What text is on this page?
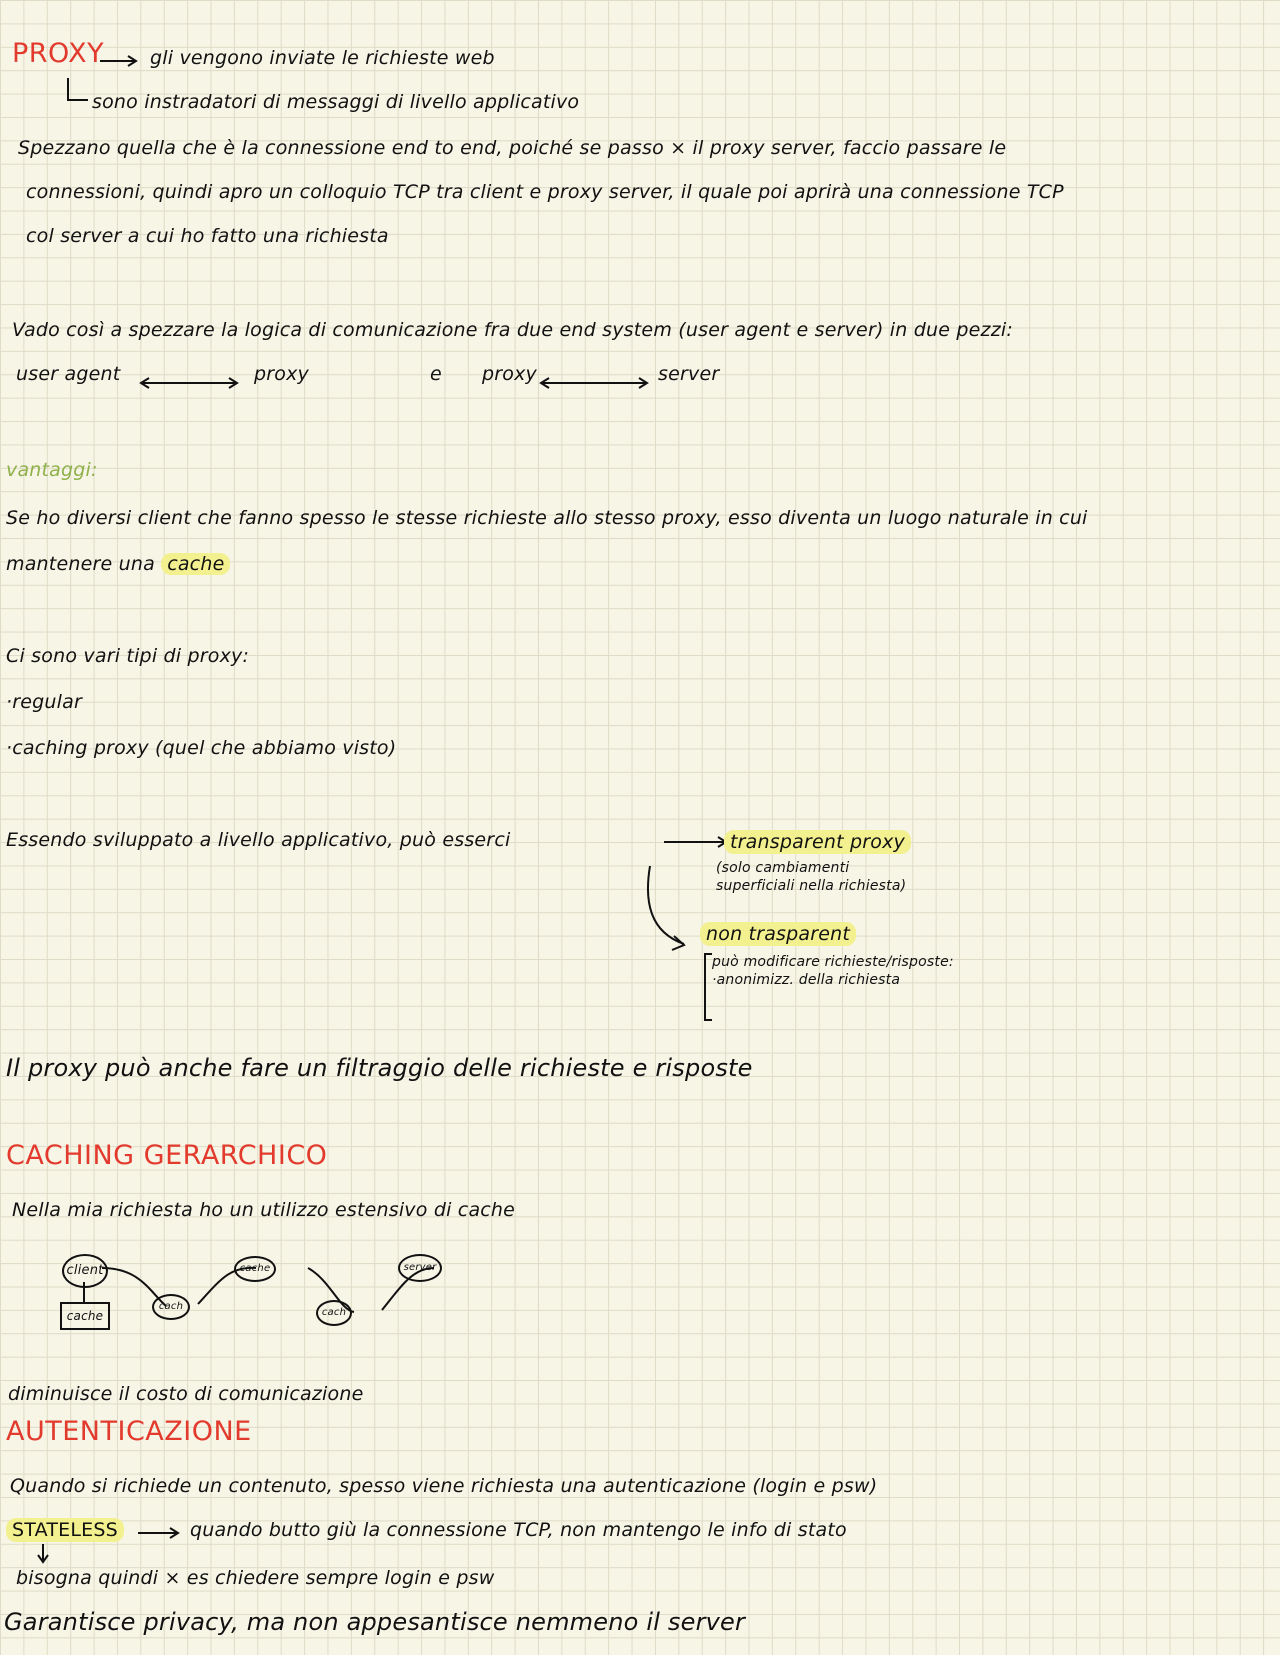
PROXY gli vengono inviate le richieste web
sono instradatori di messaggi di livello applicativo
Spezzano quella che è la connessione end to end, poiché se passo × il proxy server, faccio passare le
connessioni, quindi apro un colloquio TCP tra client e proxy server, il quale poi aprirà una connessione TCP
col server a cui ho fatto una richiesta
Vado così a spezzare la logica di comunicazione fra due end system (user agent e server) in due pezzi:
user agent	proxy	e proxy	server
vantaggi:
Se ho diversi client che fanno spesso le stesse richieste allo stesso proxy, esso diventa un luogo naturale in cui
mantenere una cache
Ci sono vari tipi di proxy:
·regular
·caching proxy (quel che abbiamo visto)
Essendo sviluppato a livello applicativo, può esserci	transparent proxy
(solo cambiamenti
superficiali nella richiesta)
non trasparent
può modificare richieste/risposte:
·anonimizz. della richiesta
Il proxy può anche fare un filtraggio delle richieste e risposte
CACHING GERARCHICO
Nella mia richiesta ho un utilizzo estensivo di cache
client
cache
cach
cache
cach
server
diminuisce il costo di comunicazione
AUTENTICAZIONE
Quando si richiede un contenuto, spesso viene richiesta una autenticazione (login e psw)
STATELESS	quando butto giù la connessione TCP, non mantengo le info di stato
bisogna quindi × es chiedere sempre login e psw
Garantisce privacy, ma non appesantisce nemmeno il server
